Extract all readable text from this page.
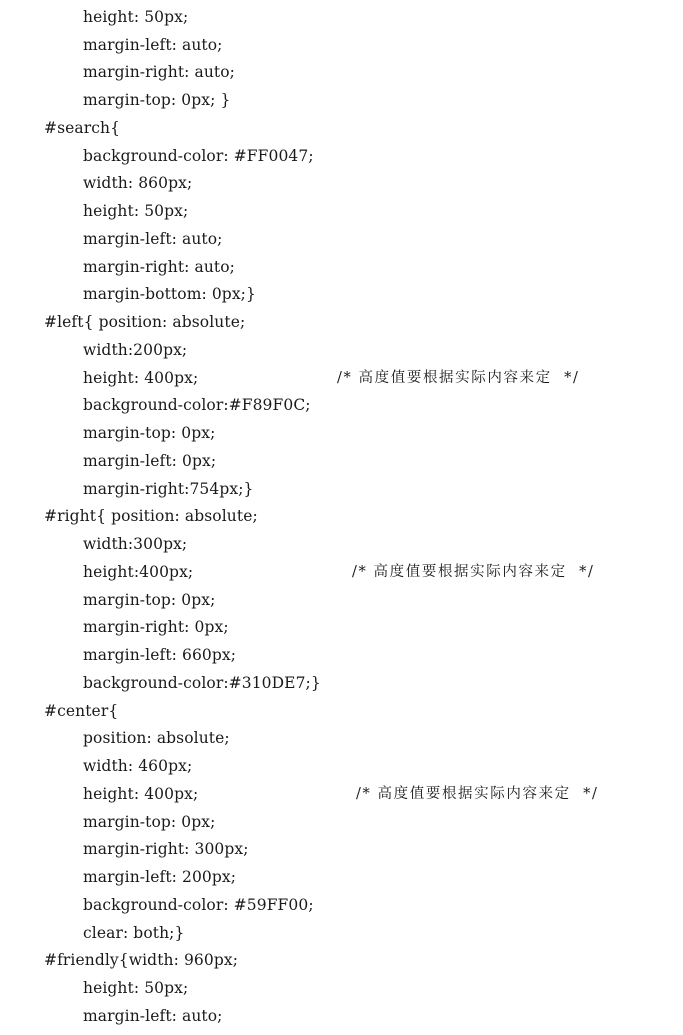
height: 50px;
margin-left: auto;
margin-right: auto;
margin-top: 0px; }
#search{
background-color: #FF0047;
width: 860px;
height: 50px;
margin-left: auto;
margin-right: auto;
margin-bottom: 0px;}
#left{ position: absolute;
width:200px;
height: 400px;	/* 高度值要根据实际内容来定  */
background-color:#F89F0C;
margin-top: 0px;
margin-left: 0px;
margin-right:754px;}
#right{ position: absolute;
width:300px;
height:400px;	/* 高度值要根据实际内容来定  */
margin-top: 0px;
margin-right: 0px;
margin-left: 660px;
background-color:#310DE7;}
#center{
position: absolute;
width: 460px;
height: 400px;	/* 高度值要根据实际内容来定  */
margin-top: 0px;
margin-right: 300px;
margin-left: 200px;
background-color: #59FF00;
clear: both;}
#friendly{width: 960px;
height: 50px;
margin-left: auto;
